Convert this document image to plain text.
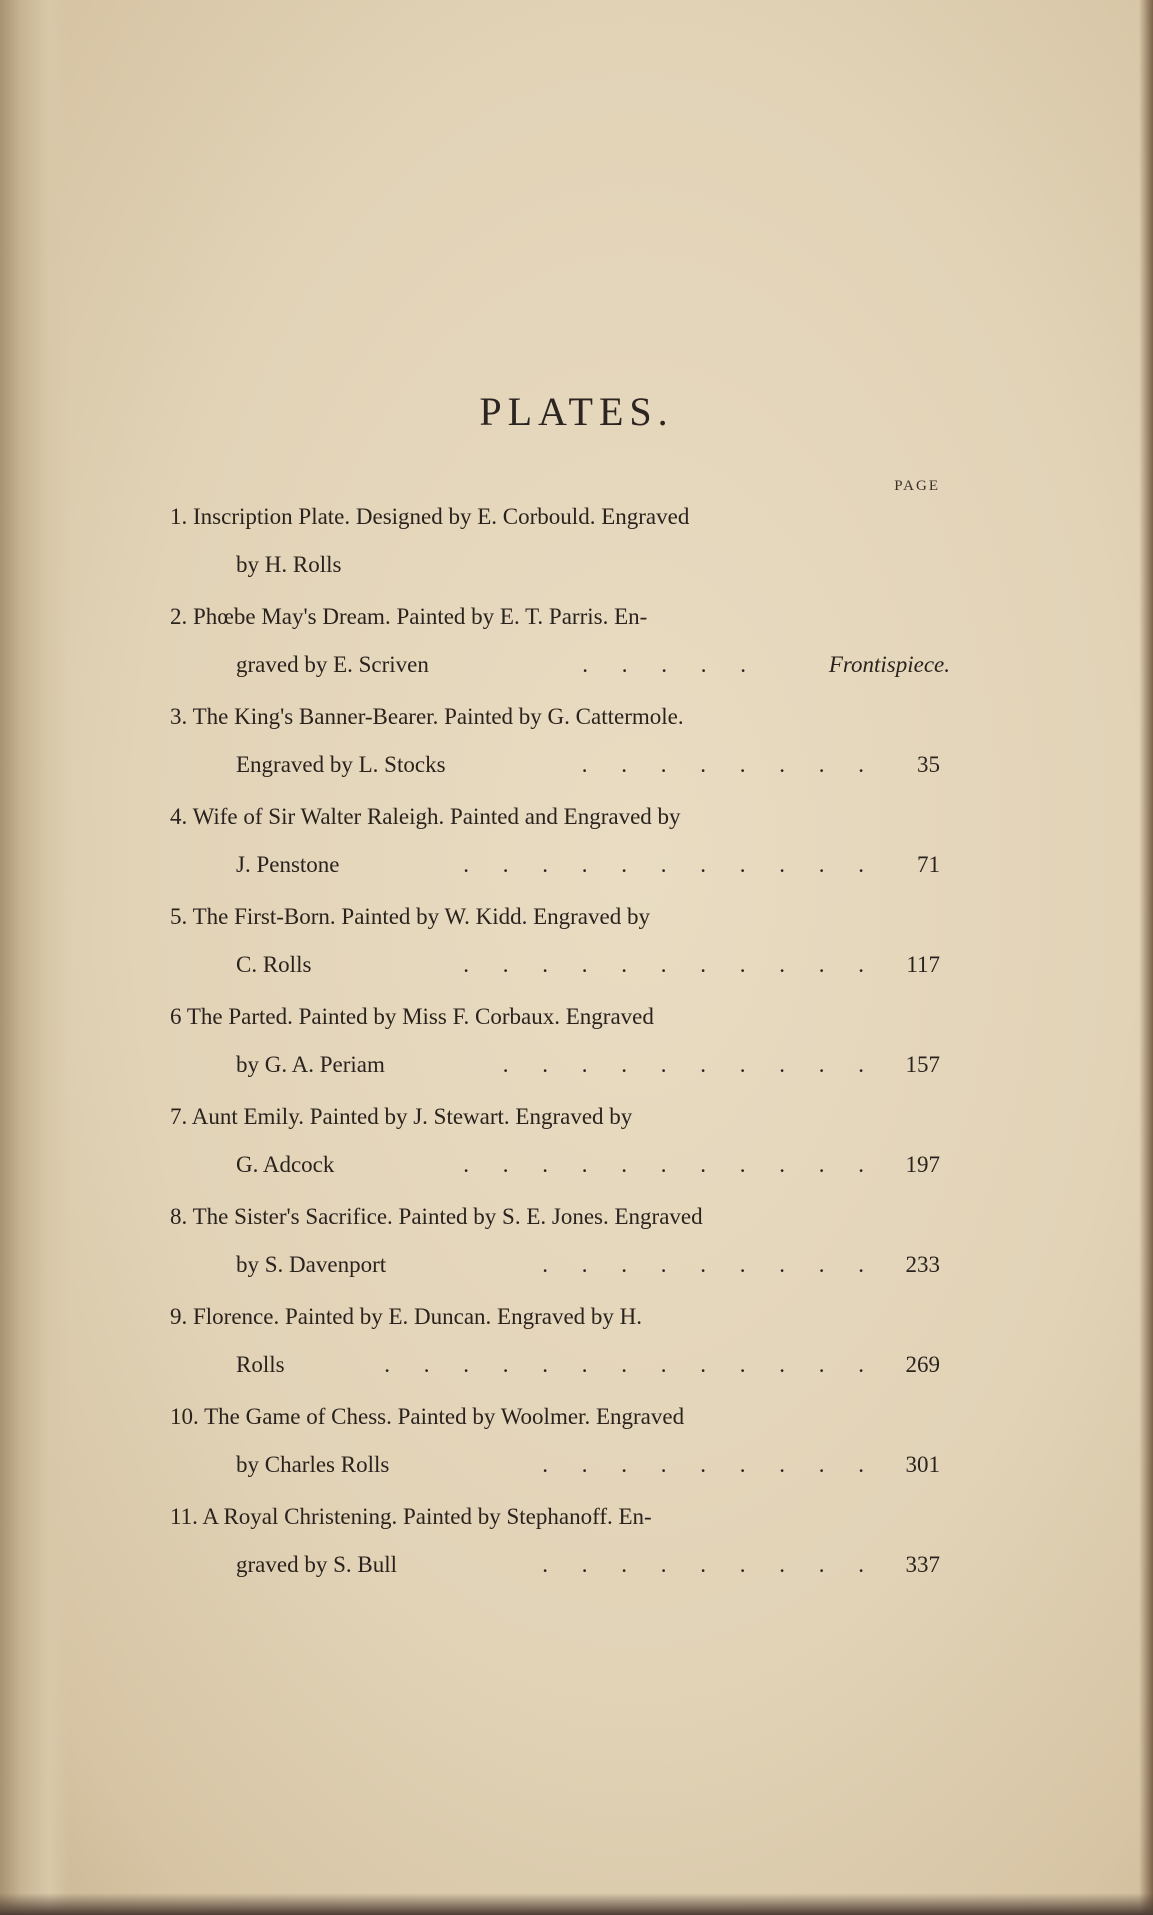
PLATES.
PAGE
1. Inscription Plate. Designed by E. Corbould. Engraved
by H. Rolls
2. Phœbe May's Dream. Painted by E. T. Parris. En-
graved by E. Scriven	. . . . .	Frontispiece.
3. The King's Banner-Bearer. Painted by G. Cattermole.
Engraved by L. Stocks	. . . . . . . .	35
4. Wife of Sir Walter Raleigh. Painted and Engraved by
J. Penstone	. . . . . . . . . . .	71
5. The First-Born. Painted by W. Kidd. Engraved by
C. Rolls	. . . . . . . . . . .	117
6 The Parted. Painted by Miss F. Corbaux. Engraved
by G. A. Periam	. . . . . . . . . .	157
7. Aunt Emily. Painted by J. Stewart. Engraved by
G. Adcock	. . . . . . . . . . .	197
8. The Sister's Sacrifice. Painted by S. E. Jones. Engraved
by S. Davenport	. . . . . . . . .	233
9. Florence. Painted by E. Duncan. Engraved by H.
Rolls	. . . . . . . . . . . . .	269
10. The Game of Chess. Painted by Woolmer. Engraved
by Charles Rolls	. . . . . . . . .	301
11. A Royal Christening. Painted by Stephanoff. En-
graved by S. Bull	. . . . . . . . .	337
